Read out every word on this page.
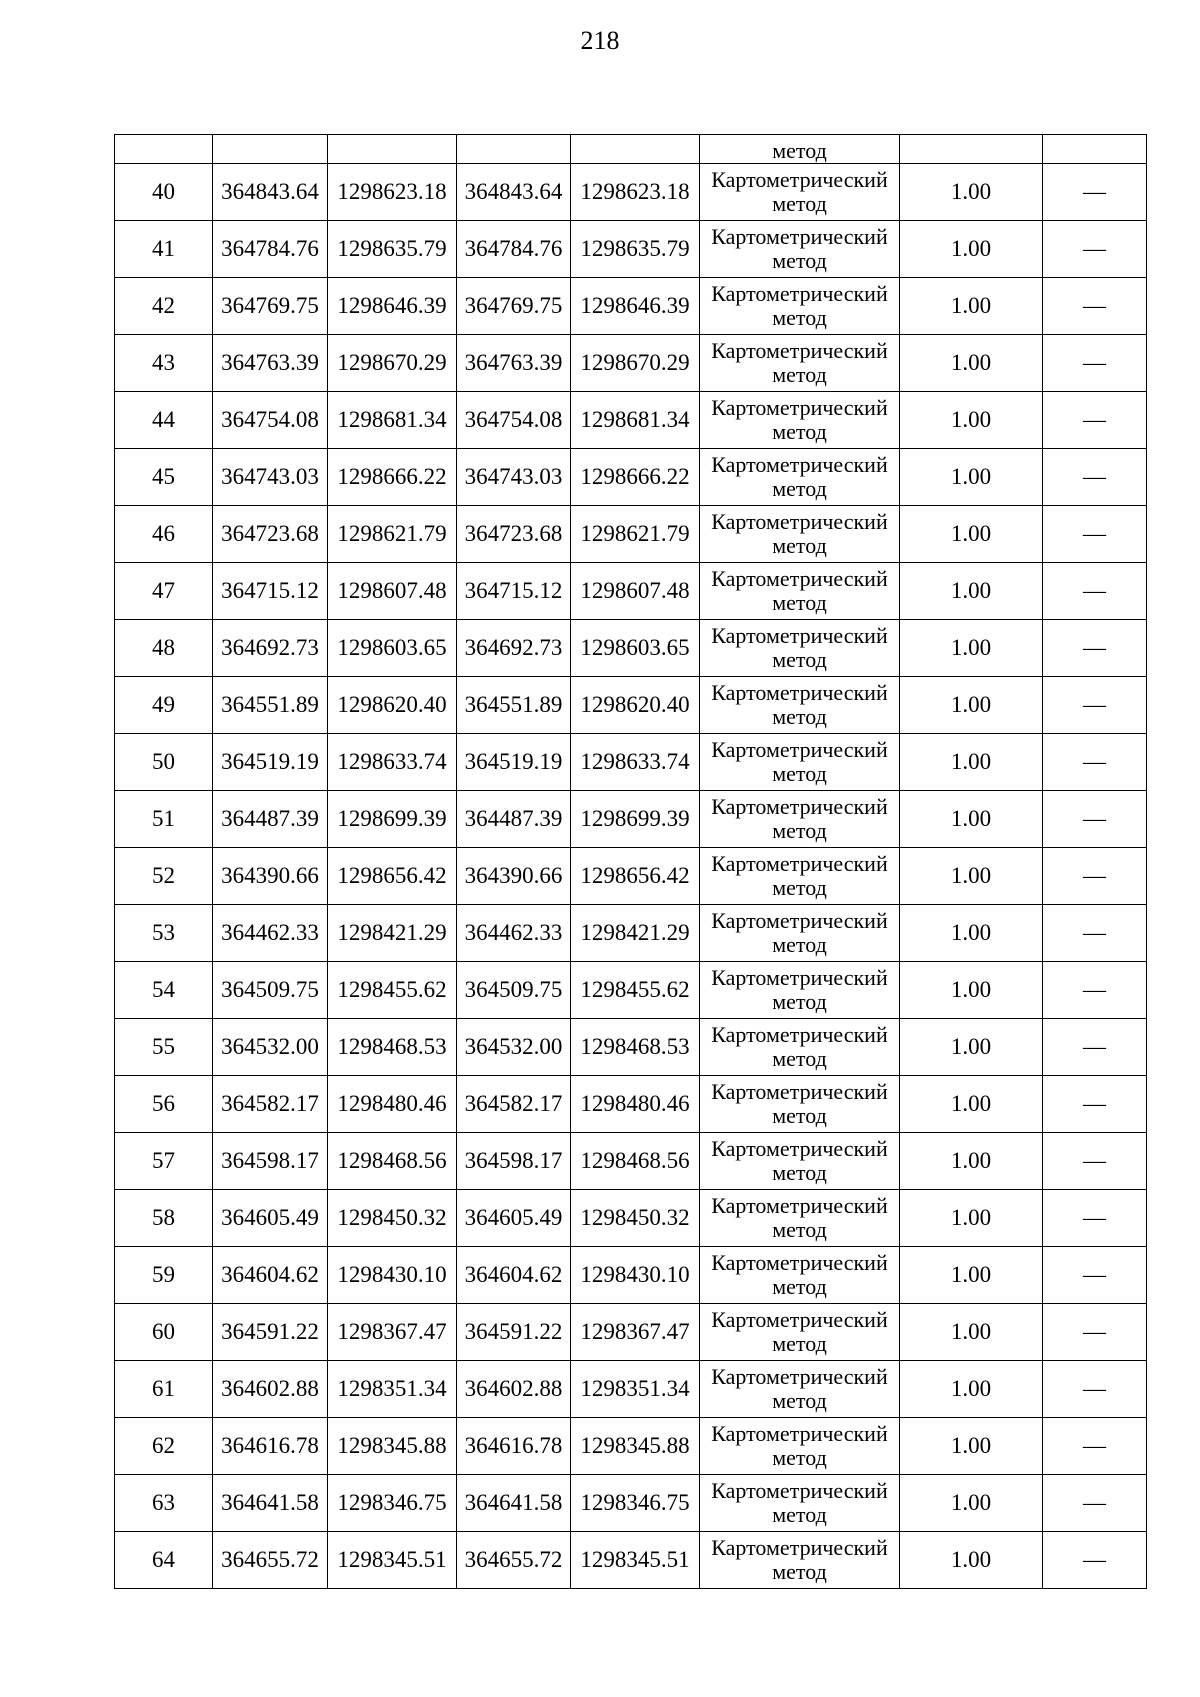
218
					метод		
40	364843.64	1298623.18	364843.64	1298623.18	Картометрический
метод	1.00	—
41	364784.76	1298635.79	364784.76	1298635.79	Картометрический
метод	1.00	—
42	364769.75	1298646.39	364769.75	1298646.39	Картометрический
метод	1.00	—
43	364763.39	1298670.29	364763.39	1298670.29	Картометрический
метод	1.00	—
44	364754.08	1298681.34	364754.08	1298681.34	Картометрический
метод	1.00	—
45	364743.03	1298666.22	364743.03	1298666.22	Картометрический
метод	1.00	—
46	364723.68	1298621.79	364723.68	1298621.79	Картометрический
метод	1.00	—
47	364715.12	1298607.48	364715.12	1298607.48	Картометрический
метод	1.00	—
48	364692.73	1298603.65	364692.73	1298603.65	Картометрический
метод	1.00	—
49	364551.89	1298620.40	364551.89	1298620.40	Картометрический
метод	1.00	—
50	364519.19	1298633.74	364519.19	1298633.74	Картометрический
метод	1.00	—
51	364487.39	1298699.39	364487.39	1298699.39	Картометрический
метод	1.00	—
52	364390.66	1298656.42	364390.66	1298656.42	Картометрический
метод	1.00	—
53	364462.33	1298421.29	364462.33	1298421.29	Картометрический
метод	1.00	—
54	364509.75	1298455.62	364509.75	1298455.62	Картометрический
метод	1.00	—
55	364532.00	1298468.53	364532.00	1298468.53	Картометрический
метод	1.00	—
56	364582.17	1298480.46	364582.17	1298480.46	Картометрический
метод	1.00	—
57	364598.17	1298468.56	364598.17	1298468.56	Картометрический
метод	1.00	—
58	364605.49	1298450.32	364605.49	1298450.32	Картометрический
метод	1.00	—
59	364604.62	1298430.10	364604.62	1298430.10	Картометрический
метод	1.00	—
60	364591.22	1298367.47	364591.22	1298367.47	Картометрический
метод	1.00	—
61	364602.88	1298351.34	364602.88	1298351.34	Картометрический
метод	1.00	—
62	364616.78	1298345.88	364616.78	1298345.88	Картометрический
метод	1.00	—
63	364641.58	1298346.75	364641.58	1298346.75	Картометрический
метод	1.00	—
64	364655.72	1298345.51	364655.72	1298345.51	Картометрический
метод	1.00	—
